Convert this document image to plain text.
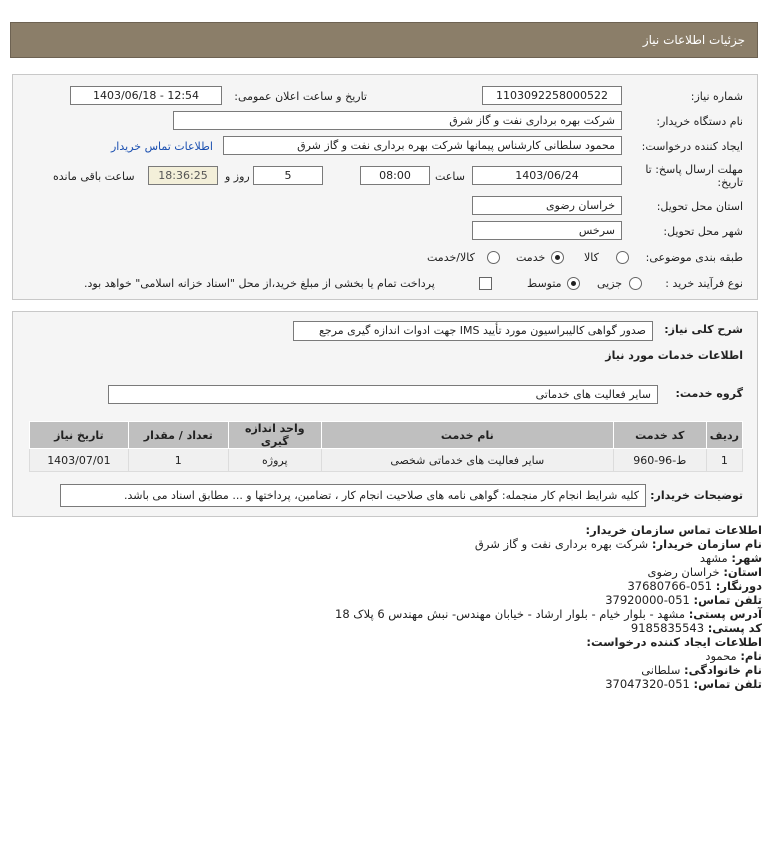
جزئیات اطلاعات نیاز
شماره نیاز:
1103092258000522
تاریخ و ساعت اعلان عمومی:
1403/06/18 - 12:54
نام دستگاه خریدار:
شرکت بهره برداری نفت و گاز شرق
ایجاد کننده درخواست:
محمود سلطانی کارشناس پیمانها شرکت بهره برداری نفت و گاز شرق
اطلاعات تماس خریدار
مهلت ارسال پاسخ: تا تاریخ:
1403/06/24
ساعت
08:00
5
روز و
18:36:25
ساعت باقی مانده
استان محل تحویل:
خراسان رضوی
شهر محل تحویل:
سرخس
طبقه بندی موضوعی:
کالا
خدمت
کالا/خدمت
نوع فرآیند خرید :
جزیی
متوسط
پرداخت تمام یا بخشی از مبلغ خرید،از محل "اسناد خزانه اسلامی" خواهد بود.
شرح کلی نیاز:
صدور گواهی کالیبراسیون مورد تأیید IMS جهت ادوات اندازه گیری مرجع
اطلاعات خدمات مورد نیاز
گروه خدمت:
سایر فعالیت های خدماتی
ردیف	کد خدمت	نام خدمت	واحد اندازه گیری	تعداد / مقدار	تاریخ نیاز
1	ط-96-960	سایر فعالیت های خدماتی شخصی	پروژه	1	1403/07/01
توضیحات خریدار:
کلیه شرایط انجام کار منجمله: گواهی نامه های صلاحیت انجام کار ، تضامین، پرداختها و ... مطابق اسناد می باشد.
اطلاعات تماس سازمان خریدار:
نام سازمان خریدار: شرکت بهره برداری نفت و گاز شرق
شهر: مشهد
استان: خراسان رضوی
دورنگار: 051-37680766
تلفن تماس: 051-37920000
آدرس پستی: مشهد - بلوار خیام - بلوار ارشاد - خیابان مهندس- نبش مهندس 6 پلاک 18
کد پستی: 9185835543
اطلاعات ایجاد کننده درخواست:
نام: محمود
نام خانوادگی: سلطانی
تلفن تماس: 051-37047320
